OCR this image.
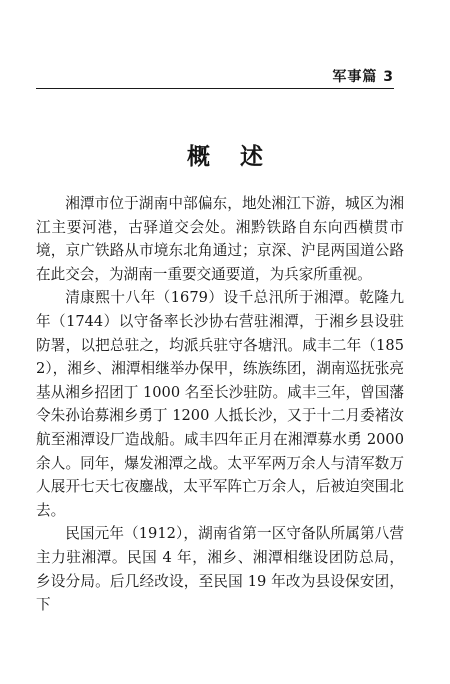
军事篇 3
概述

湘潭市位于湖南中部偏东，地处湘江下游，城区为湘江主要河港，古驿道交会处。湘黔铁路自东向西横贯市境，京广铁路从市境东北角通过；京深、沪昆两国道公路在此交会，为湖南一重要交通要道，为兵家所重视。

清康熙十八年（1679）设千总汛所于湘潭。乾隆九年（1744）以守备率长沙协右营驻湘潭，于湘乡县设驻防署，以把总驻之，均派兵驻守各塘汛。咸丰二年（1852），湘乡、湘潭相继举办保甲，练族练团，湖南巡抚张亮基从湘乡招团丁 1000 名至长沙驻防。咸丰三年，曾国藩令朱孙诒募湘乡勇丁 1200 人抵长沙，又于十二月委褚汝航至湘潭设厂造战船。咸丰四年正月在湘潭募水勇 2000 余人。同年，爆发湘潭之战。太平军两万余人与清军数万人展开七天七夜鏖战，太平军阵亡万余人，后被迫突围北去。

民国元年（1912），湖南省第一区守备队所属第八营主力驻湘潭。民国 4 年，湘乡、湘潭相继设团防总局，乡设分局。后几经改设，至民国 19 年改为县设保安团，下
